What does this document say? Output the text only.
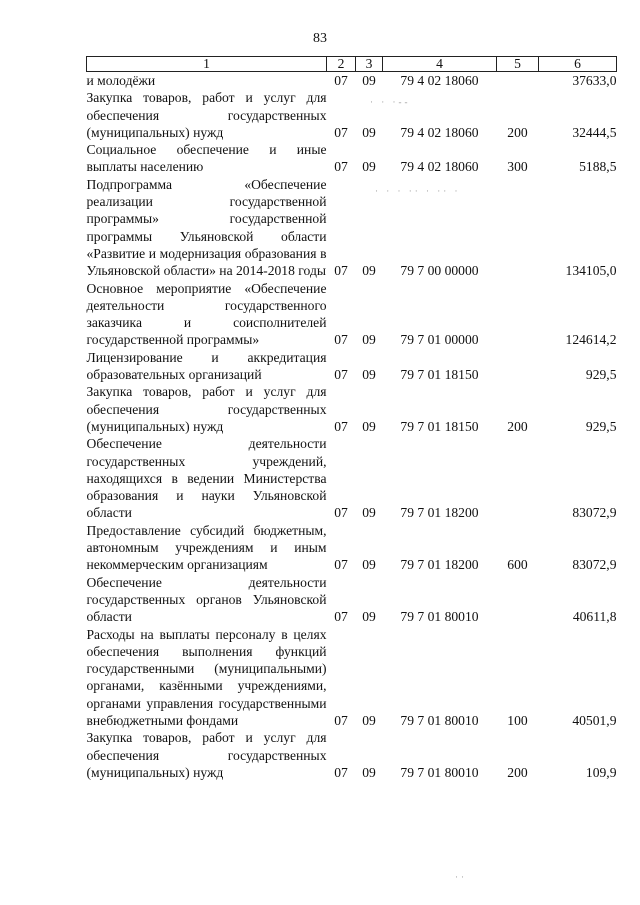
83
1	2	3	4	5	6
и молодёжи	07	09	79 4 02 18060		37633,0
Закупка товаров, работ и услуг для обеспечения государственных (муниципальных) нужд	07	09	79 4 02 18060	200	32444,5
Социальное обеспечение и иные выплаты населению	07	09	79 4 02 18060	300	5188,5
Подпрограмма «Обеспечение реализации государственной программы» государственной программы Ульяновской области «Развитие и модернизация образования в Ульяновской области» на 2014-2018 годы	07	09	79 7 00 00000		134105,0
Основное мероприятие «Обеспечение деятельности государственного заказчика и соисполнителей государственной программы»	07	09	79 7 01 00000		124614,2
Лицензирование и аккредитация образовательных организаций	07	09	79 7 01 18150		929,5
Закупка товаров, работ и услуг для обеспечения государственных (муниципальных) нужд	07	09	79 7 01 18150	200	929,5
Обеспечение деятельности государственных учреждений, находящихся в ведении Министерства образования и науки Ульяновской области	07	09	79 7 01 18200		83072,9
Предоставление субсидий бюджетным, автономным учреждениям и иным некоммерческим организациям	07	09	79 7 01 18200	600	83072,9
Обеспечение деятельности государственных органов Ульяновской области	07	09	79 7 01 80010		40611,8
Расходы на выплаты персоналу в целях обеспечения выполнения функций государственными (муниципальными) органами, казёнными учреждениями, органами управления государственными внебюджетными фондами	07	09	79 7 01 80010	100	40501,9
Закупка товаров, работ и услуг для обеспечения государственных (муниципальных) нужд	07	09	79 7 01 80010	200	109,9
· · ·‐‐
· · · ·· · ·· ·
··
